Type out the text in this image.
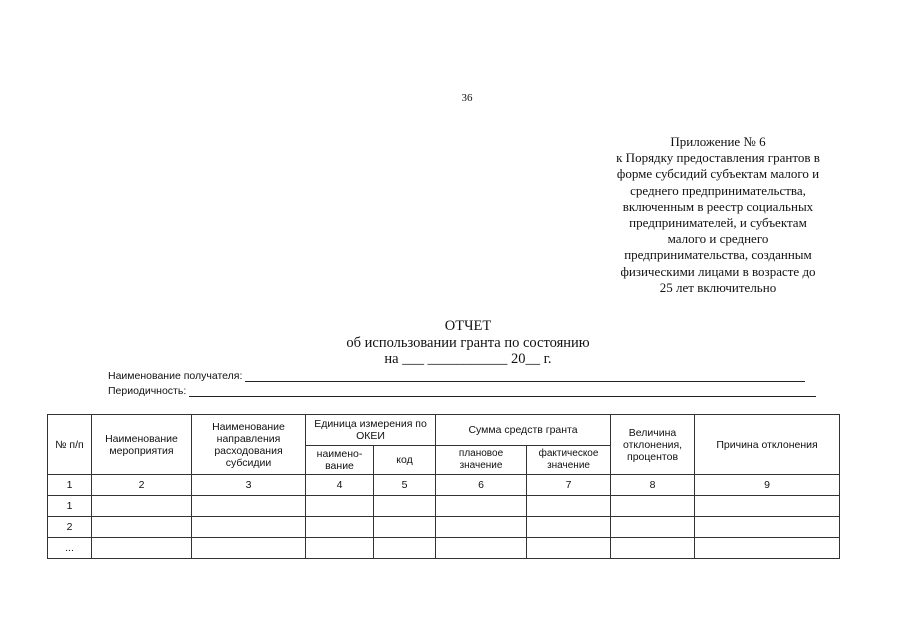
36
Приложение № 6
к Порядку предоставления грантов в
форме субсидий субъектам малого и
среднего предпринимательства,
включенным в реестр социальных
предпринимателей, и субъектам
малого и среднего
предпринимательства, созданным
физическими лицами в возрасте до
25 лет включительно
ОТЧЕТ
об использовании гранта по состоянию
на ___ ___________ 20__ г.
Наименование получателя:
Периодичность:
№ п/п	Наименование мероприятия	Наименование направления расходования субсидии	Единица измерения по ОКЕИ		Сумма средств гранта		Величина отклонения, процентов	Причина отклонения
			наимено-вание	код				
					плановое значение	фактическое значение		
1	2	3	4	5	6	7	8	9
1								
2								
...								
